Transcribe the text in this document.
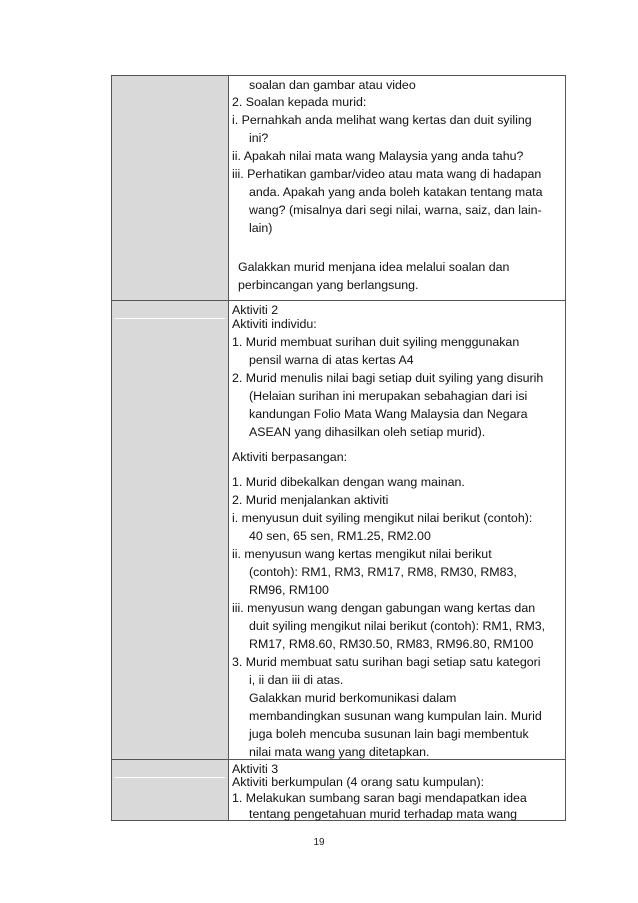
soalan dan gambar atau video
2. Soalan kepada murid:
i. Pernahkah anda melihat wang kertas dan duit syiling
ini?
ii. Apakah nilai mata wang Malaysia yang anda tahu?
iii. Perhatikan gambar/video atau mata wang di hadapan
anda. Apakah yang anda boleh katakan tentang mata
wang? (misalnya dari segi nilai, warna, saiz, dan lain-
lain)
Galakkan murid menjana idea melalui soalan dan
perbincangan yang berlangsung.
Aktiviti 2
Aktiviti individu:
1. Murid membuat surihan duit syiling menggunakan
pensil warna di atas kertas A4
2. Murid menulis nilai bagi setiap duit syiling yang disurih
(Helaian surihan ini merupakan sebahagian dari isi
kandungan Folio Mata Wang Malaysia dan Negara
ASEAN yang dihasilkan oleh setiap murid).
Aktiviti berpasangan:
1. Murid dibekalkan dengan wang mainan.
2. Murid menjalankan aktiviti
i. menyusun duit syiling mengikut nilai berikut (contoh):
40 sen, 65 sen, RM1.25, RM2.00
ii. menyusun wang kertas mengikut nilai berikut
(contoh): RM1, RM3, RM17, RM8, RM30, RM83,
RM96, RM100
iii. menyusun wang dengan gabungan wang kertas dan
duit syiling mengikut nilai berikut (contoh): RM1, RM3,
RM17, RM8.60, RM30.50, RM83, RM96.80, RM100
3. Murid membuat satu surihan bagi setiap satu kategori
i, ii dan iii di atas.
Galakkan murid berkomunikasi dalam
membandingkan susunan wang kumpulan lain. Murid
juga boleh mencuba susunan lain bagi membentuk
nilai mata wang yang ditetapkan.
Aktiviti 3
Aktiviti berkumpulan (4 orang satu kumpulan):
1. Melakukan sumbang saran bagi mendapatkan idea
tentang pengetahuan murid terhadap mata wang
19
